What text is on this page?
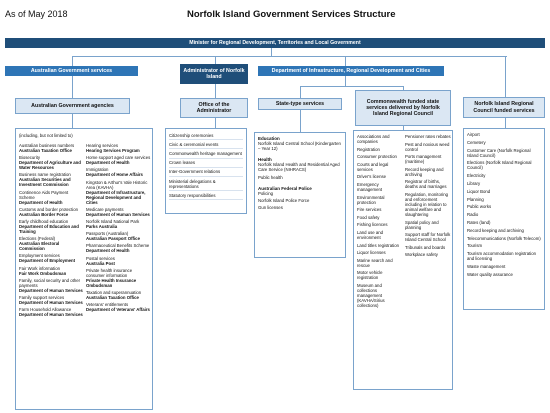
As of May 2018	Norfolk Island Government Services Structure
Minister for Regional Development, Territories and Local Government
Australian Government services	Administrator of Norfolk Island
Department of Infrastructure, Regional Development and Cities
Australian Government agencies	Office of the Administrator
State-type services	Commonwealth funded state services delivered by Norfolk Island Regional Council
Norfolk Island Regional Council funded services
(including, but not limited to)
Australian business numbers
Australian Taxation Office
Biosecurity
Department of Agriculture and Water Resources
Business name registration
Australian Securities and Investment Commission
Continence Aids Payment Scheme
Department of Health
Customs and border protection
Australian Border Force
Early childhood education
Department of Education and Training
Elections (Federal)
Australian Electoral Commission
Employment services
Department of Employment
Fair Work information
Fair Work Ombudsman
Family, social security and other payments
Department of Human Services
Family support services
Department of Human Services
Farm Household Allowance
Department of Human Services
Hearing services
Hearing Services Program
Home support aged care services
Department of Health
Immigration
Department of Home Affairs
Kingston & Arthur's Vale Historic Area (KAVHA)
Department of Infrastructure, Regional Development and Cities
Medicare payments
Department of Human Services
Norfolk Island National Park
Parks Australia
Passports (Australian)
Australian Passport Office
Pharmaceutical Benefits Scheme
Department of Health
Postal services
Australia Post
Private health insurance consumer information
Private Health Insurance Ombudsman
Taxation and superannuation
Australian Taxation Office
Veterans' entitlements
Department of Veterans' Affairs
Citizenship ceremonies
Civic & ceremonial events
Commonwealth heritage management
Crown leases
Inter-Government relations
Ministerial delegations & representations
Statutory responsibilities
Education
Norfolk Island Central School (Kindergarten – Year 12)
Health
Norfolk Island Health and Residential Aged Care Service (NIHRACS)
Public health
Australian Federal Police
Policing
Norfolk Island Police Force
Gun licenses
Associations and companies
Registration
Consumer protection
Courts and legal services
Driver's license
Emergency management
Environmental protection
Fire services
Food safety
Fishing licences
Land use and environment
Land titles registration
Liquor licenses
Marine search and rescue
Motor vehicle registration
Museum and collections management (KAVHA/Sirius collections)
Pensioner rates rebates
Pest and noxious weed control
Ports management (maritime)
Record keeping and archiving
Registrar of births, deaths and marriages
Regulation, monitoring and enforcement including in relation to animal welfare and slaughtering
Spatial policy and planning
Support staff for Norfolk Island Central School
Tribunals and boards
Workplace safety
Airport
Cemetery
Customer Care (Norfolk Regional Island Council)
Elections (Norfolk Island Regional Council)
Electricity
Library
Liquor Bond
Planning
Public works
Radio
Rates (land)
Record keeping and archiving
Telecommunications (Norfolk Telecom)
Tourism
Tourism accommodation registration and licensing
Waste management
Water quality assurance
